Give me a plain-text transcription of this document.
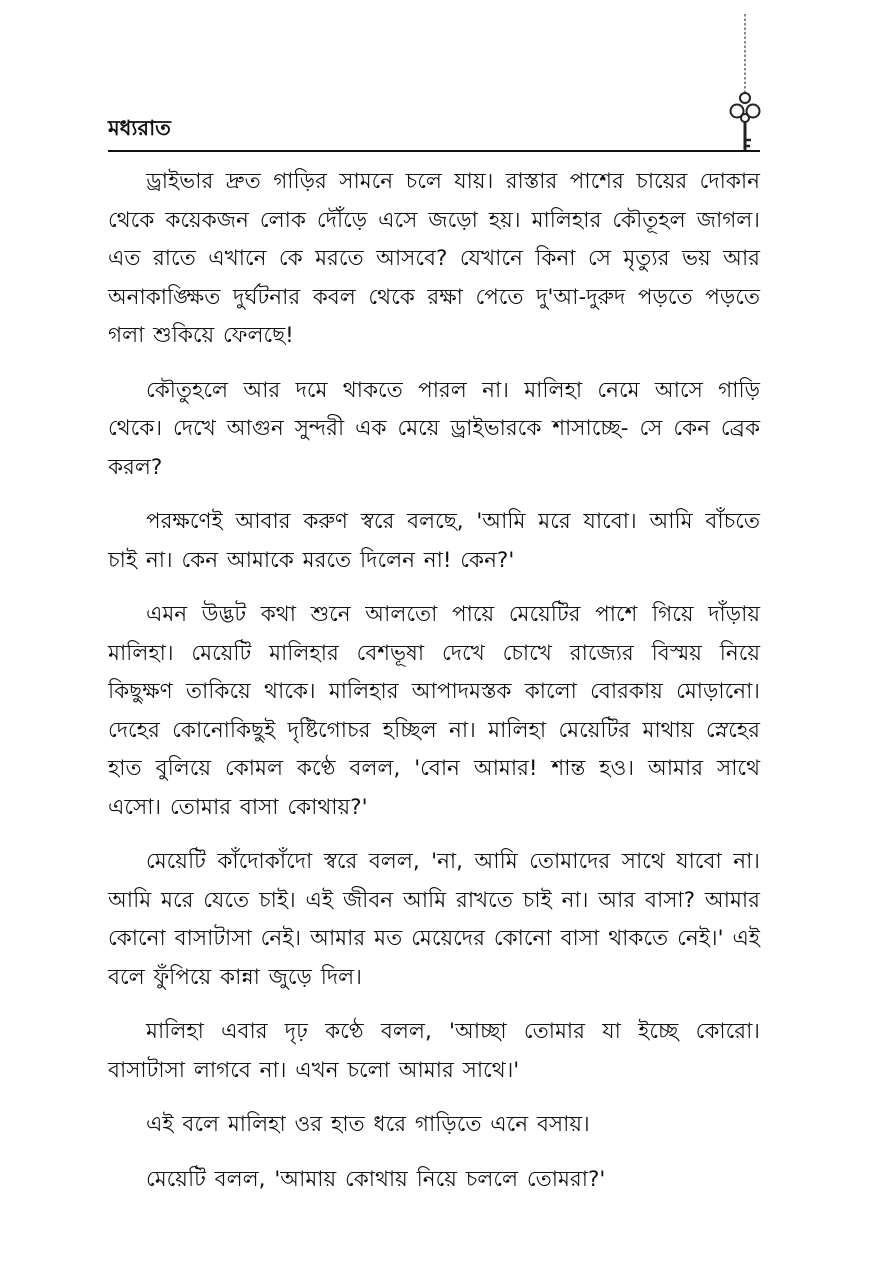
মধ্যরাত

ড্রাইভার দ্রুত গাড়ির সামনে চলে যায়। রাস্তার পাশের চায়ের দোকান থেকে কয়েকজন লোক দৌঁড়ে এসে জড়ো হয়। মালিহার কৌতূহল জাগল। এত রাতে এখানে কে মরতে আসবে? যেখানে কিনা সে মৃত্যুর ভয় আর অনাকাঙ্ক্ষিত দুর্ঘটনার কবল থেকে রক্ষা পেতে দু'আ-দুরুদ পড়তে পড়তে গলা শুকিয়ে ফেলছে!

কৌতুহলে আর দমে থাকতে পারল না। মালিহা নেমে আসে গাড়ি থেকে। দেখে আগুন সুন্দরী এক মেয়ে ড্রাইভারকে শাসাচ্ছে- সে কেন ব্রেক করল?

পরক্ষণেই আবার করুণ স্বরে বলছে, 'আমি মরে যাবো। আমি বাঁচতে চাই না। কেন আমাকে মরতে দিলেন না! কেন?'

এমন উদ্ভট কথা শুনে আলতো পায়ে মেয়েটির পাশে গিয়ে দাঁড়ায় মালিহা। মেয়েটি মালিহার বেশভূষা দেখে চোখে রাজ্যের বিস্ময় নিয়ে কিছুক্ষণ তাকিয়ে থাকে। মালিহার আপাদমস্তক কালো বোরকায় মোড়ানো। দেহের কোনোকিছুই দৃষ্টিগোচর হচ্ছিল না। মালিহা মেয়েটির মাথায় স্নেহের হাত বুলিয়ে কোমল কণ্ঠে বলল, 'বোন আমার! শান্ত হও। আমার সাথে এসো। তোমার বাসা কোথায়?'

মেয়েটি কাঁদোকাঁদো স্বরে বলল, 'না, আমি তোমাদের সাথে যাবো না। আমি মরে যেতে চাই। এই জীবন আমি রাখতে চাই না। আর বাসা? আমার কোনো বাসাটাসা নেই। আমার মত মেয়েদের কোনো বাসা থাকতে নেই।' এই বলে ফুঁপিয়ে কান্না জুড়ে দিল।

মালিহা এবার দৃঢ় কণ্ঠে বলল, 'আচ্ছা তোমার যা ইচ্ছে কোরো। বাসাটাসা লাগবে না। এখন চলো আমার সাথে।'

এই বলে মালিহা ওর হাত ধরে গাড়িতে এনে বসায়।

মেয়েটি বলল, 'আমায় কোথায় নিয়ে চললে তোমরা?'
